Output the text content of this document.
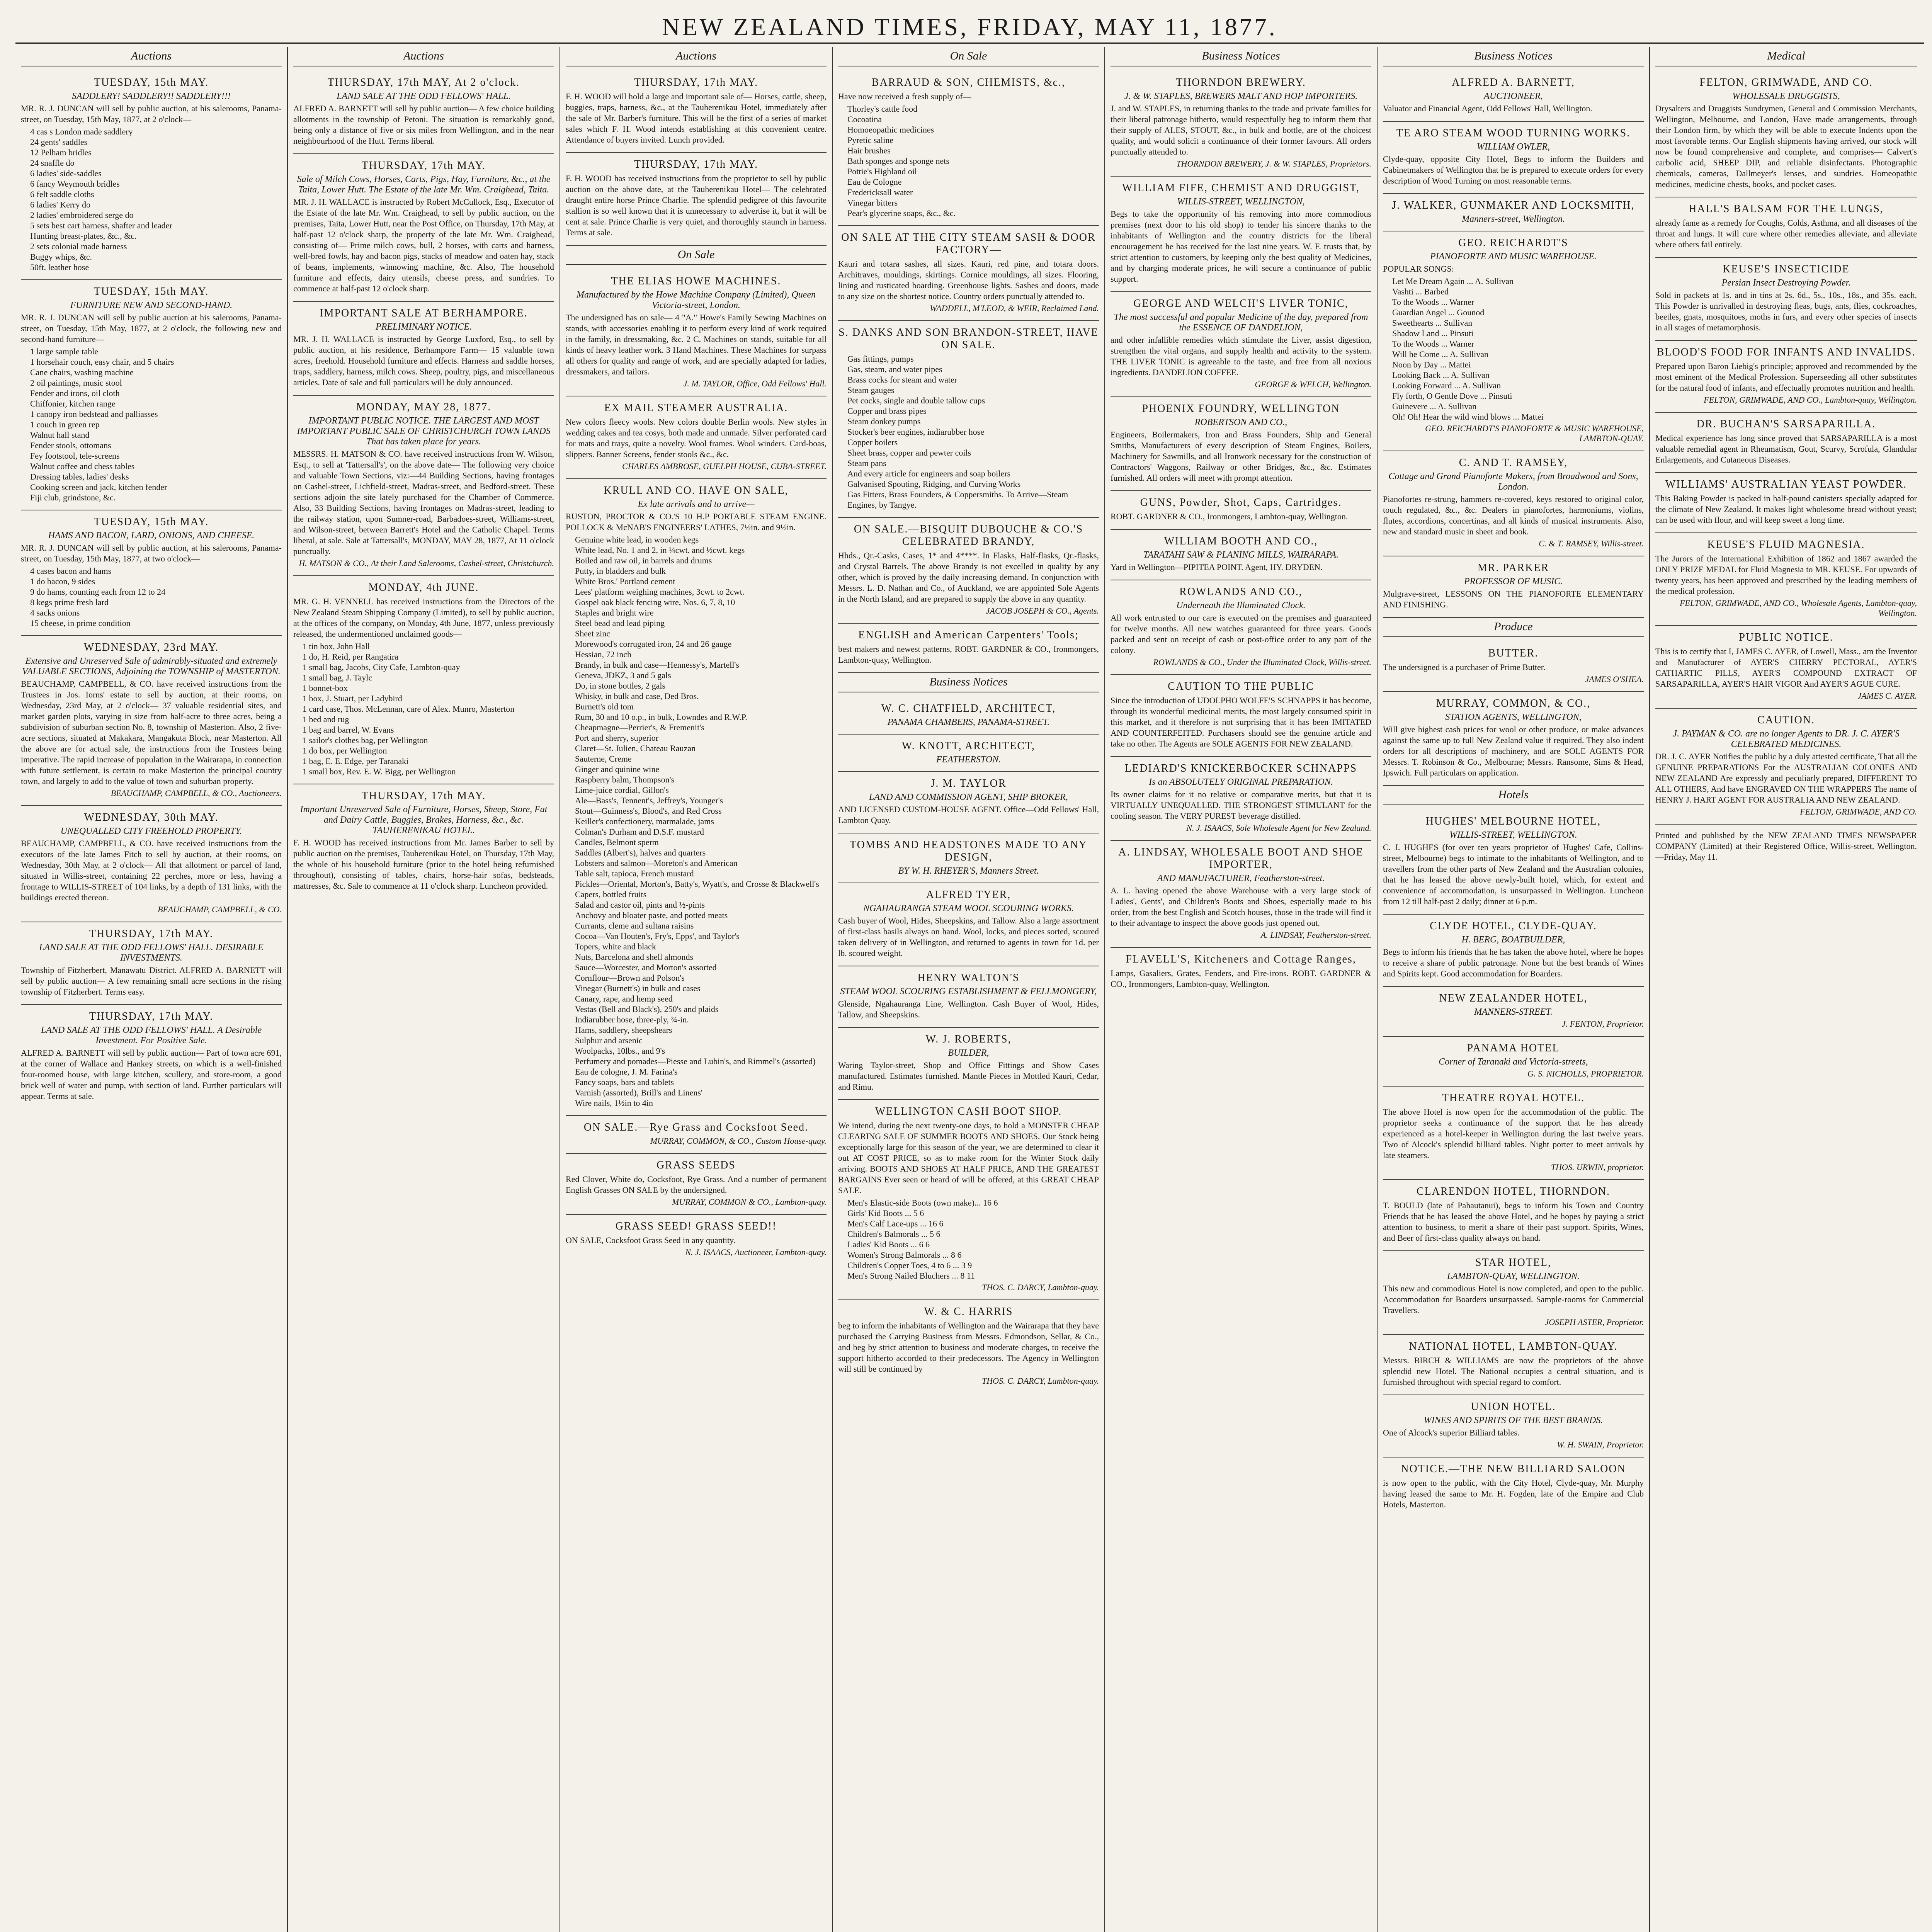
NEW ZEALAND TIMES, FRIDAY, MAY 11, 1877.
Auctions
TUESDAY, 15th MAY.
SADDLERY! SADDLERY!! SADDLERY!!!
MR. R. J. DUNCAN will sell by public auction, at his salerooms, Panama-street, on Tuesday, 15th May, 1877, at 2 o'clock—
4 cas s London made saddlery
24 gents' saddles
12 Pelham bridles
24 snaffle do
6 ladies' side-saddles
6 fancy Weymouth bridles
6 felt saddle cloths
6 ladies' Kerry do
2 ladies' embroidered serge do
5 sets best cart harness, shafter and leader
Hunting breast-plates, &c., &c.
2 sets colonial made harness
Buggy whips, &c.
50ft. leather hose
TUESDAY, 15th MAY.
FURNITURE NEW AND SECOND-HAND.
MR. R. J. DUNCAN will sell by public auction at his salerooms, Panama-street, on Tuesday, 15th May, 1877, at 2 o'clock, the following new and second-hand furniture—
1 large sample table
1 horsehair couch, easy chair, and 5 chairs
Cane chairs, washing machine
2 oil paintings, music stool
Fender and irons, oil cloth
Chiffonier, kitchen range
1 canopy iron bedstead and palliasses
1 couch in green rep
Walnut hall stand
Fender stools, ottomans
Fey footstool, tele-screens
Walnut coffee and chess tables
Dressing tables, ladies' desks
Cooking screen and jack, kitchen fender
Fiji club, grindstone, &c.
TUESDAY, 15th MAY.
HAMS AND BACON, LARD, ONIONS, AND CHEESE.
MR. R. J. DUNCAN will sell by public auction, at his salerooms, Panama-street, on Tuesday, 15th May, 1877, at two o'clock—
4 cases bacon and hams
1 do bacon, 9 sides
9 do hams, counting each from 12 to 24
8 kegs prime fresh lard
4 sacks onions
15 cheese, in prime condition
WEDNESDAY, 23rd MAY.
Extensive and Unreserved Sale of admirably-situated and extremely VALUABLE SECTIONS, Adjoining the TOWNSHIP of MASTERTON.
BEAUCHAMP, CAMPBELL, & CO. have received instructions from the Trustees in Jos. Iorns' estate to sell by auction, at their rooms, on Wednesday, 23rd May, at 2 o'clock— 37 valuable residential sites, and market garden plots, varying in size from half-acre to three acres, being a subdivision of suburban section No. 8, township of Masterton. Also, 2 five-acre sections, situated at Makakara, Mangakuta Block, near Masterton. All the above are for actual sale, the instructions from the Trustees being imperative. The rapid increase of population in the Wairarapa, in connection with future settlement, is certain to make Masterton the principal country town, and largely to add to the value of town and suburban property.
BEAUCHAMP, CAMPBELL, & CO., Auctioneers.
WEDNESDAY, 30th MAY.
UNEQUALLED CITY FREEHOLD PROPERTY.
BEAUCHAMP, CAMPBELL, & CO. have received instructions from the executors of the late James Fitch to sell by auction, at their rooms, on Wednesday, 30th May, at 2 o'clock— All that allotment or parcel of land, situated in Willis-street, containing 22 perches, more or less, having a frontage to WILLIS-STREET of 104 links, by a depth of 131 links, with the buildings erected thereon.
BEAUCHAMP, CAMPBELL, & CO.
THURSDAY, 17th MAY.
LAND SALE AT THE ODD FELLOWS' HALL. DESIRABLE INVESTMENTS.
Township of Fitzherbert, Manawatu District. ALFRED A. BARNETT will sell by public auction— A few remaining small acre sections in the rising township of Fitzherbert. Terms easy.
THURSDAY, 17th MAY.
LAND SALE AT THE ODD FELLOWS' HALL. A Desirable Investment. For Positive Sale.
ALFRED A. BARNETT will sell by public auction— Part of town acre 691, at the corner of Wallace and Hankey streets, on which is a well-finished four-roomed house, with large kitchen, scullery, and store-room, a good brick well of water and pump, with section of land. Further particulars will appear. Terms at sale.
Auctions
THURSDAY, 17th MAY, At 2 o'clock.
LAND SALE AT THE ODD FELLOWS' HALL.
ALFRED A. BARNETT will sell by public auction— A few choice building allotments in the township of Petoni. The situation is remarkably good, being only a distance of five or six miles from Wellington, and in the near neighbourhood of the Hutt. Terms liberal.
THURSDAY, 17th MAY.
Sale of Milch Cows, Horses, Carts, Pigs, Hay, Furniture, &c., at the Taita, Lower Hutt. The Estate of the late Mr. Wm. Craighead, Taita.
MR. J. H. WALLACE is instructed by Robert McCullock, Esq., Executor of the Estate of the late Mr. Wm. Craighead, to sell by public auction, on the premises, Taita, Lower Hutt, near the Post Office, on Thursday, 17th May, at half-past 12 o'clock sharp, the property of the late Mr. Wm. Craighead, consisting of— Prime milch cows, bull, 2 horses, with carts and harness, well-bred fowls, hay and bacon pigs, stacks of meadow and oaten hay, stack of beans, implements, winnowing machine, &c. Also, The household furniture and effects, dairy utensils, cheese press, and sundries. To commence at half-past 12 o'clock sharp.
IMPORTANT SALE AT BERHAMPORE.
PRELIMINARY NOTICE.
MR. J. H. WALLACE is instructed by George Luxford, Esq., to sell by public auction, at his residence, Berhampore Farm— 15 valuable town acres, freehold. Household furniture and effects. Harness and saddle horses, traps, saddlery, harness, milch cows. Sheep, poultry, pigs, and miscellaneous articles. Date of sale and full particulars will be duly announced.
MONDAY, MAY 28, 1877.
IMPORTANT PUBLIC NOTICE. THE LARGEST AND MOST IMPORTANT PUBLIC SALE OF CHRISTCHURCH TOWN LANDS That has taken place for years.
MESSRS. H. MATSON & CO. have received instructions from W. Wilson, Esq., to sell at 'Tattersall's', on the above date— The following very choice and valuable Town Sections, viz:—44 Building Sections, having frontages on Cashel-street, Lichfield-street, Madras-street, and Bedford-street. These sections adjoin the site lately purchased for the Chamber of Commerce. Also, 33 Building Sections, having frontages on Madras-street, leading to the railway station, upon Sumner-road, Barbadoes-street, Williams-street, and Wilson-street, between Barrett's Hotel and the Catholic Chapel. Terms liberal, at sale. Sale at Tattersall's, MONDAY, MAY 28, 1877, At 11 o'clock punctually.
H. MATSON & CO., At their Land Salerooms, Cashel-street, Christchurch.
MONDAY, 4th JUNE.
MR. G. H. VENNELL has received instructions from the Directors of the New Zealand Steam Shipping Company (Limited), to sell by public auction, at the offices of the company, on Monday, 4th June, 1877, unless previously released, the undermentioned unclaimed goods—
1 tin box, John Hall
1 do, H. Reid, per Rangatira
1 small bag, Jacobs, City Cafe, Lambton-quay
1 small bag, J. Taylc
1 bonnet-box
1 box, J. Stuart, per Ladybird
1 card case, Thos. McLennan, care of Alex. Munro, Masterton
1 bed and rug
1 bag and barrel, W. Evans
1 sailor's clothes bag, per Wellington
1 do box, per Wellington
1 bag, E. E. Edge, per Taranaki
1 small box, Rev. E. W. Bigg, per Wellington
THURSDAY, 17th MAY.
Important Unreserved Sale of Furniture, Horses, Sheep, Store, Fat and Dairy Cattle, Buggies, Brakes, Harness, &c., &c. TAUHERENIKAU HOTEL.
F. H. WOOD has received instructions from Mr. James Barber to sell by public auction on the premises, Tauherenikau Hotel, on Thursday, 17th May, the whole of his household furniture (prior to the hotel being refurnished throughout), consisting of tables, chairs, horse-hair sofas, bedsteads, mattresses, &c. Sale to commence at 11 o'clock sharp. Luncheon provided.
Auctions
THURSDAY, 17th MAY.
F. H. WOOD will hold a large and important sale of— Horses, cattle, sheep, buggies, traps, harness, &c., at the Tauherenikau Hotel, immediately after the sale of Mr. Barber's furniture. This will be the first of a series of market sales which F. H. Wood intends establishing at this convenient centre. Attendance of buyers invited. Lunch provided.
THURSDAY, 17th MAY.
F. H. WOOD has received instructions from the proprietor to sell by public auction on the above date, at the Tauherenikau Hotel— The celebrated draught entire horse Prince Charlie. The splendid pedigree of this favourite stallion is so well known that it is unnecessary to advertise it, but it will be cent at sale. Prince Charlie is very quiet, and thoroughly staunch in harness. Terms at sale.
On Sale
THE ELIAS HOWE MACHINES.
Manufactured by the Howe Machine Company (Limited), Queen Victoria-street, London.
The undersigned has on sale— 4 "A." Howe's Family Sewing Machines on stands, with accessories enabling it to perform every kind of work required in the family, in dressmaking, &c. 2 C. Machines on stands, suitable for all kinds of heavy leather work. 3 Hand Machines. These Machines for surpass all others for quality and range of work, and are specially adapted for ladies, dressmakers, and tailors.
J. M. TAYLOR, Office, Odd Fellows' Hall.
EX MAIL STEAMER AUSTRALIA.
New colors fleecy wools. New colors double Berlin wools. New styles in wedding cakes and tea cosys, both made and unmade. Silver perforated card for mats and trays, quite a novelty. Wool frames. Wool winders. Card-boas, slippers. Banner Screens, fender stools &c., &c.
CHARLES AMBROSE, GUELPH HOUSE, CUBA-STREET.
KRULL AND CO. HAVE ON SALE,
Ex late arrivals and to arrive—
RUSTON, PROCTOR & CO.'S 10 H.P PORTABLE STEAM ENGINE. POLLOCK & McNAB'S ENGINEERS' LATHES, 7½in. and 9½in.
Genuine white lead, in wooden kegs
White lead, No. 1 and 2, in ¼cwt. and ½cwt. kegs
Boiled and raw oil, in barrels and drums
Putty, in bladders and bulk
White Bros.' Portland cement
Lees' platform weighing machines, 3cwt. to 2cwt.
Gospel oak black fencing wire, Nos. 6, 7, 8, 10
Staples and bright wire
Steel bead and lead piping
Sheet zinc
Morewood's corrugated iron, 24 and 26 gauge
Hessian, 72 inch
Brandy, in bulk and case—Hennessy's, Martell's
Geneva, JDKZ, 3 and 5 gals
Do, in stone bottles, 2 gals
Whisky, in bulk and case, Ded Bros.
Burnett's old tom
Rum, 30 and 10 o.p., in bulk, Lowndes and R.W.P.
Cheapmagne—Perrier's, & Fremenit's
Port and sherry, superior
Claret—St. Julien, Chateau Rauzan
Sauterne, Creme
Ginger and quinine wine
Raspberry balm, Thompson's
Lime-juice cordial, Gillon's
Ale—Bass's, Tennent's, Jeffrey's, Younger's
Stout—Guinness's, Blood's, and Red Cross
Keiller's confectionery, marmalade, jams
Colman's Durham and D.S.F. mustard
Candles, Belmont sperm
Saddles (Albert's), halves and quarters
Lobsters and salmon—Moreton's and American
Table salt, tapioca, French mustard
Pickles—Oriental, Morton's, Batty's, Wyatt's, and Crosse & Blackwell's
Capers, bottled fruits
Salad and castor oil, pints and ½-pints
Anchovy and bloater paste, and potted meats
Currants, cleme and sultana raisins
Cocoa—Van Houten's, Fry's, Epps', and Taylor's
Topers, white and black
Nuts, Barcelona and shell almonds
Sauce—Worcester, and Morton's assorted
Cornflour—Brown and Polson's
Vinegar (Burnett's) in bulk and cases
Canary, rape, and hemp seed
Vestas (Bell and Black's), 250's and plaids
Indiarubber hose, three-ply, ¾-in.
Hams, saddlery, sheepshears
Sulphur and arsenic
Woolpacks, 10lbs., and 9's
Perfumery and pomades—Piesse and Lubin's, and Rimmel's (assorted)
Eau de cologne, J. M. Farina's
Fancy soaps, bars and tablets
Varnish (assorted), Brill's and Linens'
Wire nails, 1½in to 4in
ON SALE.—Rye Grass and Cocksfoot Seed.
MURRAY, COMMON, & CO., Custom House-quay.
GRASS SEEDS
Red Clover, White do, Cocksfoot, Rye Grass. And a number of permanent English Grasses ON SALE by the undersigned.
MURRAY, COMMON & CO., Lambton-quay.
GRASS SEED! GRASS SEED!!
ON SALE, Cocksfoot Grass Seed in any quantity.
N. J. ISAACS, Auctioneer, Lambton-quay.
On Sale
BARRAUD & SON, CHEMISTS, &c.,
Have now received a fresh supply of—
Thorley's cattle food
Cocoatina
Homoeopathic medicines
Pyretic saline
Hair brushes
Bath sponges and sponge nets
Pottie's Highland oil
Eau de Cologne
Fredericksall water
Vinegar bitters
Pear's glycerine soaps, &c., &c.
ON SALE AT THE CITY STEAM SASH & DOOR FACTORY—
Kauri and totara sashes, all sizes. Kauri, red pine, and totara doors. Architraves, mouldings, skirtings. Cornice mouldings, all sizes. Flooring, lining and rusticated boarding. Greenhouse lights. Sashes and doors, made to any size on the shortest notice. Country orders punctually attended to.
WADDELL, M'LEOD, & WEIR, Reclaimed Land.
S. DANKS AND SON BRANDON-STREET, HAVE ON SALE.
Gas fittings, pumps
Gas, steam, and water pipes
Brass cocks for steam and water
Steam gauges
Pet cocks, single and double tallow cups
Copper and brass pipes
Steam donkey pumps
Stocker's beer engines, indiarubber hose
Copper boilers
Sheet brass, copper and pewter coils
Steam pans
And every article for engineers and soap boilers
Galvanised Spouting, Ridging, and Curving Works
Gas Fitters, Brass Founders, & Coppersmiths. To Arrive—Steam Engines, by Tangye.
ON SALE.—BISQUIT DUBOUCHE & CO.'S CELEBRATED BRANDY,
Hhds., Qr.-Casks, Cases, 1* and 4****. In Flasks, Half-flasks, Qr.-flasks, and Crystal Barrels. The above Brandy is not excelled in quality by any other, which is proved by the daily increasing demand. In conjunction with Messrs. L. D. Nathan and Co., of Auckland, we are appointed Sole Agents in the North Island, and are prepared to supply the above in any quantity.
JACOB JOSEPH & CO., Agents.
ENGLISH and American Carpenters' Tools;
best makers and newest patterns, ROBT. GARDNER & CO., Ironmongers, Lambton-quay, Wellington.
Business Notices
W. C. CHATFIELD, ARCHITECT,
PANAMA CHAMBERS, PANAMA-STREET.
W. KNOTT, ARCHITECT,
FEATHERSTON.
J. M. TAYLOR
LAND AND COMMISSION AGENT, SHIP BROKER,
AND LICENSED CUSTOM-HOUSE AGENT. Office—Odd Fellows' Hall, Lambton Quay.
TOMBS AND HEADSTONES MADE TO ANY DESIGN,
BY W. H. RHEYER'S, Manners Street.
ALFRED TYER,
NGAHAURANGA STEAM WOOL SCOURING WORKS.
Cash buyer of Wool, Hides, Sheepskins, and Tallow. Also a large assortment of first-class basils always on hand. Wool, locks, and pieces sorted, scoured taken delivery of in Wellington, and returned to agents in town for 1d. per lb. scoured weight.
HENRY WALTON'S
STEAM WOOL SCOURING ESTABLISHMENT & FELLMONGERY,
Glenside, Ngahauranga Line, Wellington. Cash Buyer of Wool, Hides, Tallow, and Sheepskins.
W. J. ROBERTS,
BUILDER,
Waring Taylor-street, Shop and Office Fittings and Show Cases manufactured. Estimates furnished. Mantle Pieces in Mottled Kauri, Cedar, and Rimu.
WELLINGTON CASH BOOT SHOP.
We intend, during the next twenty-one days, to hold a MONSTER CHEAP CLEARING SALE OF SUMMER BOOTS AND SHOES. Our Stock being exceptionally large for this season of the year, we are determined to clear it out AT COST PRICE, so as to make room for the Winter Stock daily arriving. BOOTS AND SHOES AT HALF PRICE, AND THE GREATEST BARGAINS Ever seen or heard of will be offered, at this GREAT CHEAP SALE.
Men's Elastic-side Boots (own make)... 16 6
Girls' Kid Boots ... 5 6
Men's Calf Lace-ups ... 16 6
Children's Balmorals ... 5 6
Ladies' Kid Boots ... 6 6
Women's Strong Balmorals ... 8 6
Children's Copper Toes, 4 to 6 ... 3 9
Men's Strong Nailed Bluchers ... 8 11
THOS. C. DARCY, Lambton-quay.
W. & C. HARRIS
beg to inform the inhabitants of Wellington and the Wairarapa that they have purchased the Carrying Business from Messrs. Edmondson, Sellar, & Co., and beg by strict attention to business and moderate charges, to receive the support hitherto accorded to their predecessors. The Agency in Wellington will still be continued by
THOS. C. DARCY, Lambton-quay.
Business Notices
THORNDON BREWERY.
J. & W. STAPLES, BREWERS MALT AND HOP IMPORTERS.
J. and W. STAPLES, in returning thanks to the trade and private families for their liberal patronage hitherto, would respectfully beg to inform them that their supply of ALES, STOUT, &c., in bulk and bottle, are of the choicest quality, and would solicit a continuance of their former favours. All orders punctually attended to.
THORNDON BREWERY, J. & W. STAPLES, Proprietors.
WILLIAM FIFE, CHEMIST AND DRUGGIST,
WILLIS-STREET, WELLINGTON,
Begs to take the opportunity of his removing into more commodious premises (next door to his old shop) to tender his sincere thanks to the inhabitants of Wellington and the country districts for the liberal encouragement he has received for the last nine years. W. F. trusts that, by strict attention to customers, by keeping only the best quality of Medicines, and by charging moderate prices, he will secure a continuance of public support.
GEORGE AND WELCH'S LIVER TONIC,
The most successful and popular Medicine of the day, prepared from the ESSENCE OF DANDELION,
and other infallible remedies which stimulate the Liver, assist digestion, strengthen the vital organs, and supply health and activity to the system. THE LIVER TONIC is agreeable to the taste, and free from all noxious ingredients. DANDELION COFFEE.
GEORGE & WELCH, Wellington.
PHOENIX FOUNDRY, WELLINGTON
ROBERTSON AND CO.,
Engineers, Boilermakers, Iron and Brass Founders, Ship and General Smiths, Manufacturers of every description of Steam Engines, Boilers, Machinery for Sawmills, and all Ironwork necessary for the construction of Contractors' Waggons, Railway or other Bridges, &c., &c. Estimates furnished. All orders will meet with prompt attention.
GUNS, Powder, Shot, Caps, Cartridges.
ROBT. GARDNER & CO., Ironmongers, Lambton-quay, Wellington.
WILLIAM BOOTH AND CO.,
TARATAHI SAW & PLANING MILLS, WAIRARAPA.
Yard in Wellington—PIPITEA POINT. Agent, HY. DRYDEN.
ROWLANDS AND CO.,
Underneath the Illuminated Clock.
All work entrusted to our care is executed on the premises and guaranteed for twelve months. All new watches guaranteed for three years. Goods packed and sent on receipt of cash or post-office order to any part of the colony.
ROWLANDS & CO., Under the Illuminated Clock, Willis-street.
CAUTION TO THE PUBLIC
Since the introduction of UDOLPHO WOLFE'S SCHNAPPS it has become, through its wonderful medicinal merits, the most largely consumed spirit in this market, and it therefore is not surprising that it has been IMITATED AND COUNTERFEITED. Purchasers should see the genuine article and take no other. The Agents are SOLE AGENTS FOR NEW ZEALAND.
LEDIARD'S KNICKERBOCKER SCHNAPPS
Is an ABSOLUTELY ORIGINAL PREPARATION.
Its owner claims for it no relative or comparative merits, but that it is VIRTUALLY UNEQUALLED. THE STRONGEST STIMULANT for the cooling season. The VERY PUREST beverage distilled.
N. J. ISAACS, Sole Wholesale Agent for New Zealand.
A. LINDSAY, WHOLESALE BOOT AND SHOE IMPORTER,
AND MANUFACTURER, Featherston-street.
A. L. having opened the above Warehouse with a very large stock of Ladies', Gents', and Children's Boots and Shoes, especially made to his order, from the best English and Scotch houses, those in the trade will find it to their advantage to inspect the above goods just opened out.
A. LINDSAY, Featherston-street.
FLAVELL'S, Kitcheners and Cottage Ranges,
Lamps, Gasaliers, Grates, Fenders, and Fire-irons. ROBT. GARDNER & CO., Ironmongers, Lambton-quay, Wellington.
Business Notices
ALFRED A. BARNETT,
AUCTIONEER,
Valuator and Financial Agent, Odd Fellows' Hall, Wellington.
TE ARO STEAM WOOD TURNING WORKS.
WILLIAM OWLER,
Clyde-quay, opposite City Hotel, Begs to inform the Builders and Cabinetmakers of Wellington that he is prepared to execute orders for every description of Wood Turning on most reasonable terms.
J. WALKER, GUNMAKER AND LOCKSMITH,
Manners-street, Wellington.
GEO. REICHARDT'S
PIANOFORTE AND MUSIC WAREHOUSE.
POPULAR SONGS:
Let Me Dream Again ... A. Sullivan
Vashti ... Barbed
To the Woods ... Warner
Guardian Angel ... Gounod
Sweethearts ... Sullivan
Shadow Land ... Pinsuti
To the Woods ... Warner
Will he Come ... A. Sullivan
Noon by Day ... Mattei
Looking Back ... A. Sullivan
Looking Forward ... A. Sullivan
Fly forth, O Gentle Dove ... Pinsuti
Guinevere ... A. Sullivan
Oh! Oh! Hear the wild wind blows ... Mattei
GEO. REICHARDT'S PIANOFORTE & MUSIC WAREHOUSE, LAMBTON-QUAY.
C. AND T. RAMSEY,
Cottage and Grand Pianoforte Makers, from Broadwood and Sons, London.
Pianofortes re-strung, hammers re-covered, keys restored to original color, touch regulated, &c., &c. Dealers in pianofortes, harmoniums, violins, flutes, accordions, concertinas, and all kinds of musical instruments. Also, new and standard music in sheet and book.
C. & T. RAMSEY, Willis-street.
MR. PARKER
PROFESSOR OF MUSIC.
Mulgrave-street, LESSONS ON THE PIANOFORTE ELEMENTARY AND FINISHING.
Produce
BUTTER.
The undersigned is a purchaser of Prime Butter.
JAMES O'SHEA.
MURRAY, COMMON, & CO.,
STATION AGENTS, WELLINGTON,
Will give highest cash prices for wool or other produce, or make advances against the same up to full New Zealand value if required. They also indent orders for all descriptions of machinery, and are SOLE AGENTS FOR Messrs. T. Robinson & Co., Melbourne; Messrs. Ransome, Sims & Head, Ipswich. Full particulars on application.
Hotels
HUGHES' MELBOURNE HOTEL,
WILLIS-STREET, WELLINGTON.
C. J. HUGHES (for over ten years proprietor of Hughes' Cafe, Collins-street, Melbourne) begs to intimate to the inhabitants of Wellington, and to travellers from the other parts of New Zealand and the Australian colonies, that he has leased the above newly-built hotel, which, for extent and convenience of accommodation, is unsurpassed in Wellington. Luncheon from 12 till half-past 2 daily; dinner at 6 p.m.
CLYDE HOTEL, CLYDE-QUAY.
H. BERG, BOATBUILDER,
Begs to inform his friends that he has taken the above hotel, where he hopes to receive a share of public patronage. None but the best brands of Wines and Spirits kept. Good accommodation for Boarders.
NEW ZEALANDER HOTEL,
MANNERS-STREET.
J. FENTON, Proprietor.
PANAMA HOTEL
Corner of Taranaki and Victoria-streets,
G. S. NICHOLLS, PROPRIETOR.
THEATRE ROYAL HOTEL.
The above Hotel is now open for the accommodation of the public. The proprietor seeks a continuance of the support that he has already experienced as a hotel-keeper in Wellington during the last twelve years. Two of Alcock's splendid billiard tables. Night porter to meet arrivals by late steamers.
THOS. URWIN, proprietor.
CLARENDON HOTEL, THORNDON.
T. BOULD (late of Pahautanui), begs to inform his Town and Country Friends that he has leased the above Hotel, and he hopes by paying a strict attention to business, to merit a share of their past support. Spirits, Wines, and Beer of first-class quality always on hand.
STAR HOTEL,
LAMBTON-QUAY, WELLINGTON.
This new and commodious Hotel is now completed, and open to the public. Accommodation for Boarders unsurpassed. Sample-rooms for Commercial Travellers.
JOSEPH ASTER, Proprietor.
NATIONAL HOTEL, LAMBTON-QUAY.
Messrs. BIRCH & WILLIAMS are now the proprietors of the above splendid new Hotel. The National occupies a central situation, and is furnished throughout with special regard to comfort.
UNION HOTEL.
WINES AND SPIRITS OF THE BEST BRANDS.
One of Alcock's superior Billiard tables.
W. H. SWAIN, Proprietor.
NOTICE.—THE NEW BILLIARD SALOON
is now open to the public, with the City Hotel, Clyde-quay, Mr. Murphy having leased the same to Mr. H. Fogden, late of the Empire and Club Hotels, Masterton.
Medical
FELTON, GRIMWADE, AND CO.
WHOLESALE DRUGGISTS,
Drysalters and Druggists Sundrymen, General and Commission Merchants, Wellington, Melbourne, and London, Have made arrangements, through their London firm, by which they will be able to execute Indents upon the most favorable terms. Our English shipments having arrived, our stock will now be found comprehensive and complete, and comprises— Calvert's carbolic acid, SHEEP DIP, and reliable disinfectants. Photographic chemicals, cameras, Dallmeyer's lenses, and sundries. Homeopathic medicines, medicine chests, books, and pocket cases.
HALL'S BALSAM FOR THE LUNGS,
already fame as a remedy for Coughs, Colds, Asthma, and all diseases of the throat and lungs. It will cure where other remedies alleviate, and alleviate where others fail entirely.
KEUSE'S INSECTICIDE
Persian Insect Destroying Powder.
Sold in packets at 1s. and in tins at 2s. 6d., 5s., 10s., 18s., and 35s. each. This Powder is unrivalled in destroying fleas, bugs, ants, flies, cockroaches, beetles, gnats, mosquitoes, moths in furs, and every other species of insects in all stages of metamorphosis.
BLOOD'S FOOD FOR INFANTS AND INVALIDS.
Prepared upon Baron Liebig's principle; approved and recommended by the most eminent of the Medical Profession. Superseeding all other substitutes for the natural food of infants, and effectually promotes nutrition and health.
FELTON, GRIMWADE, AND CO., Lambton-quay, Wellington.
DR. BUCHAN'S SARSAPARILLA.
Medical experience has long since proved that SARSAPARILLA is a most valuable remedial agent in Rheumatism, Gout, Scurvy, Scrofula, Glandular Enlargements, and Cutaneous Diseases.
WILLIAMS' AUSTRALIAN YEAST POWDER.
This Baking Powder is packed in half-pound canisters specially adapted for the climate of New Zealand. It makes light wholesome bread without yeast; can be used with flour, and will keep sweet a long time.
KEUSE'S FLUID MAGNESIA.
The Jurors of the International Exhibition of 1862 and 1867 awarded the ONLY PRIZE MEDAL for Fluid Magnesia to MR. KEUSE. For upwards of twenty years, has been approved and prescribed by the leading members of the medical profession.
FELTON, GRIMWADE, AND CO., Wholesale Agents, Lambton-quay, Wellington.
PUBLIC NOTICE.
This is to certify that I, JAMES C. AYER, of Lowell, Mass., am the Inventor and Manufacturer of AYER'S CHERRY PECTORAL, AYER'S CATHARTIC PILLS, AYER'S COMPOUND EXTRACT OF SARSAPARILLA, AYER'S HAIR VIGOR And AYER'S AGUE CURE.
JAMES C. AYER.
CAUTION.
J. PAYMAN & CO. are no longer Agents to DR. J. C. AYER'S CELEBRATED MEDICINES.
DR. J. C. AYER Notifies the public by a duly attested certificate, That all the GENUINE PREPARATIONS For the AUSTRALIAN COLONIES AND NEW ZEALAND Are expressly and peculiarly prepared, DIFFERENT TO ALL OTHERS, And have ENGRAVED ON THE WRAPPERS The name of HENRY J. HART AGENT FOR AUSTRALIA AND NEW ZEALAND.
FELTON, GRIMWADE, AND CO.
Printed and published by the NEW ZEALAND TIMES NEWSPAPER COMPANY (Limited) at their Registered Office, Willis-street, Wellington.—Friday, May 11.
